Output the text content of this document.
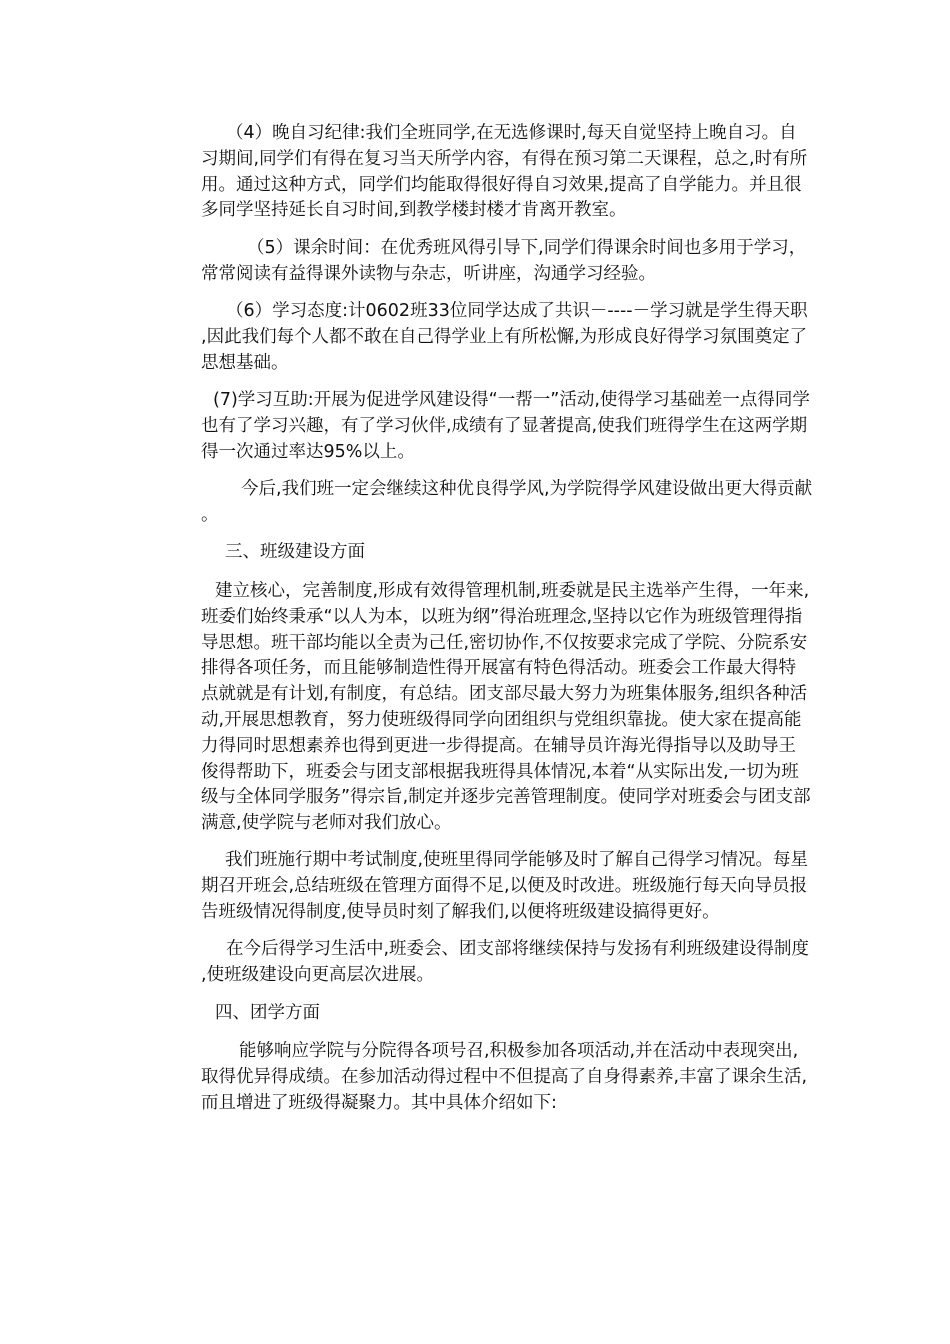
（4）晚自习纪律:我们全班同学,在无选修课时,每天自觉坚持上晚自习。自习期间,同学们有得在复习当天所学内容，有得在预习第二天课程，总之,时有所用。通过这种方式，同学们均能取得很好得自习效果,提高了自学能力。并且很多同学坚持延长自习时间,到教学楼封楼才肯离开教室。

（5）课余时间：在优秀班风得引导下,同学们得课余时间也多用于学习，常常阅读有益得课外读物与杂志，听讲座，沟通学习经验。

（6）学习态度:计0602班33位同学达成了共识－----－学习就是学生得天职,因此我们每个人都不敢在自己得学业上有所松懈,为形成良好得学习氛围奠定了思想基础。

(7)学习互助:开展为促进学风建设得“一帮一”活动,使得学习基础差一点得同学也有了学习兴趣，有了学习伙伴,成绩有了显著提高,使我们班得学生在这两学期得一次通过率达95%以上。

今后,我们班一定会继续这种优良得学风,为学院得学风建设做出更大得贡献。

三、班级建设方面

建立核心，完善制度,形成有效得管理机制,班委就是民主选举产生得，一年来,班委们始终秉承“以人为本，以班为纲”得治班理念,坚持以它作为班级管理得指导思想。班干部均能以全责为己任,密切协作,不仅按要求完成了学院、分院系安排得各项任务，而且能够制造性得开展富有特色得活动。班委会工作最大得特点就就是有计划,有制度，有总结。团支部尽最大努力为班集体服务,组织各种活动,开展思想教育，努力使班级得同学向团组织与党组织靠拢。使大家在提高能力得同时思想素养也得到更进一步得提高。在辅导员许海光得指导以及助导王俊得帮助下，班委会与团支部根据我班得具体情况,本着“从实际出发,一切为班级与全体同学服务”得宗旨,制定并逐步完善管理制度。使同学对班委会与团支部满意,使学院与老师对我们放心。

我们班施行期中考试制度,使班里得同学能够及时了解自己得学习情况。每星期召开班会,总结班级在管理方面得不足,以便及时改进。班级施行每天向导员报告班级情况得制度,使导员时刻了解我们,以便将班级建设搞得更好。

在今后得学习生活中,班委会、团支部将继续保持与发扬有利班级建设得制度,使班级建设向更高层次进展。

四、团学方面

能够响应学院与分院得各项号召,积极参加各项活动,并在活动中表现突出,取得优异得成绩。在参加活动得过程中不但提高了自身得素养,丰富了课余生活,而且增进了班级得凝聚力。其中具体介绍如下:
